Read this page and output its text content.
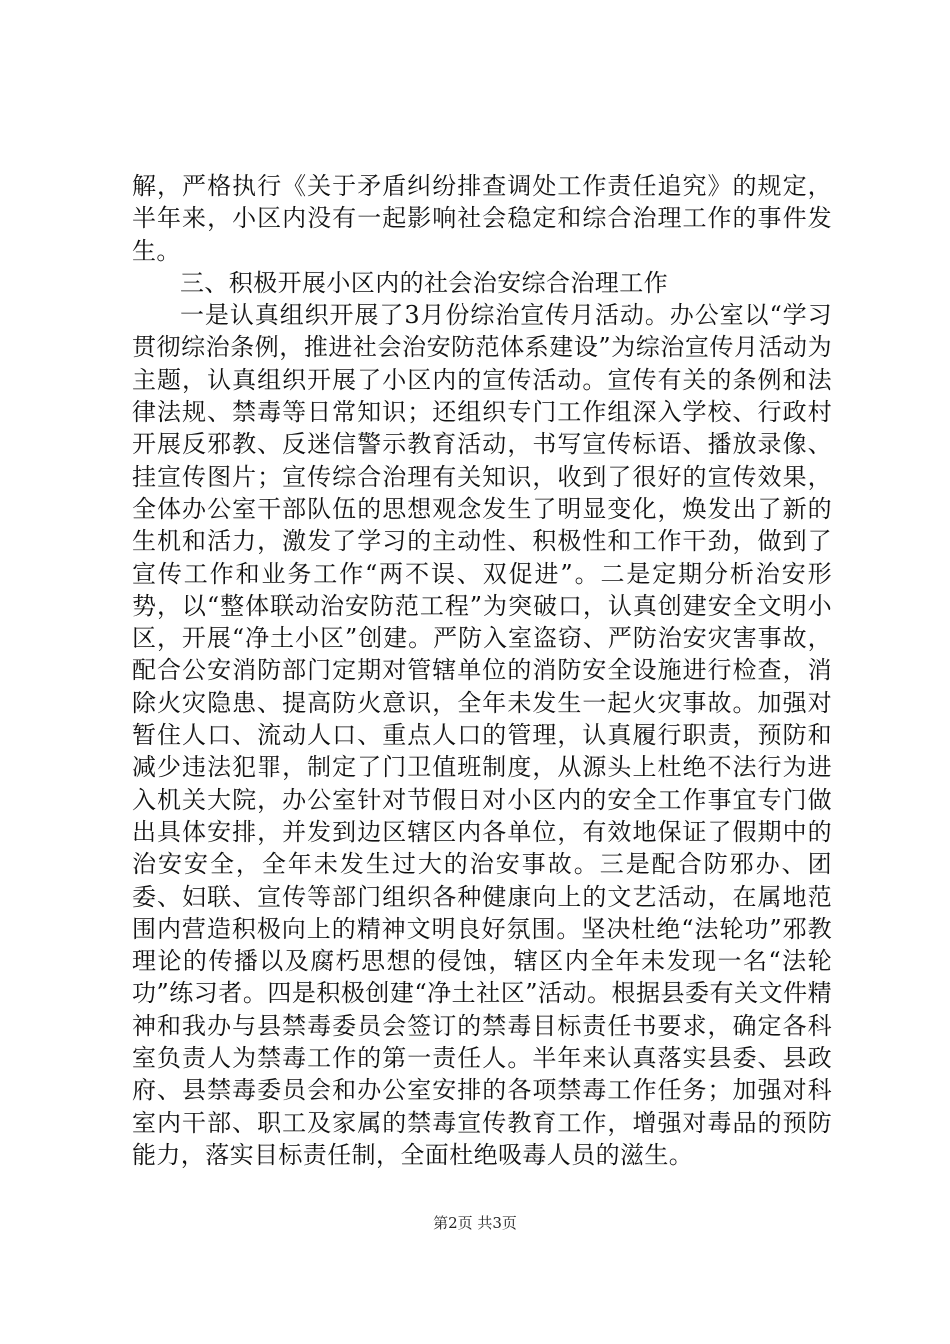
解，严格执行《关于矛盾纠纷排查调处工作责任追究》的规定，半年来，小区内没有一起影响社会稳定和综合治理工作的事件发生。

三、积极开展小区内的社会治安综合治理工作

一是认真组织开展了3月份综治宣传月活动。办公室以“学习贯彻综治条例，推进社会治安防范体系建设”为综治宣传月活动为主题，认真组织开展了小区内的宣传活动。宣传有关的条例和法律法规、禁毒等日常知识；还组织专门工作组深入学校、行政村开展反邪教、反迷信警示教育活动，书写宣传标语、播放录像、挂宣传图片；宣传综合治理有关知识，收到了很好的宣传效果，全体办公室干部队伍的思想观念发生了明显变化，焕发出了新的生机和活力，激发了学习的主动性、积极性和工作干劲，做到了宣传工作和业务工作“两不误、双促进”。二是定期分析治安形势，以“整体联动治安防范工程”为突破口，认真创建安全文明小区，开展“净土小区”创建。严防入室盗窃、严防治安灾害事故，配合公安消防部门定期对管辖单位的消防安全设施进行检查，消除火灾隐患、提高防火意识，全年未发生一起火灾事故。加强对暂住人口、流动人口、重点人口的管理，认真履行职责，预防和减少违法犯罪，制定了门卫值班制度，从源头上杜绝不法行为进入机关大院，办公室针对节假日对小区内的安全工作事宜专门做出具体安排，并发到边区辖区内各单位，有效地保证了假期中的治安安全，全年未发生过大的治安事故。三是配合防邪办、团委、妇联、宣传等部门组织各种健康向上的文艺活动，在属地范围内营造积极向上的精神文明良好氛围。坚决杜绝“法轮功”邪教理论的传播以及腐朽思想的侵蚀，辖区内全年未发现一名“法轮功”练习者。四是积极创建“净土社区”活动。根据县委有关文件精神和我办与县禁毒委员会签订的禁毒目标责任书要求，确定各科室负责人为禁毒工作的第一责任人。半年来认真落实县委、县政府、县禁毒委员会和办公室安排的各项禁毒工作任务；加强对科室内干部、职工及家属的禁毒宣传教育工作，增强对毒品的预防能力，落实目标责任制，全面杜绝吸毒人员的滋生。

第2页 共3页
